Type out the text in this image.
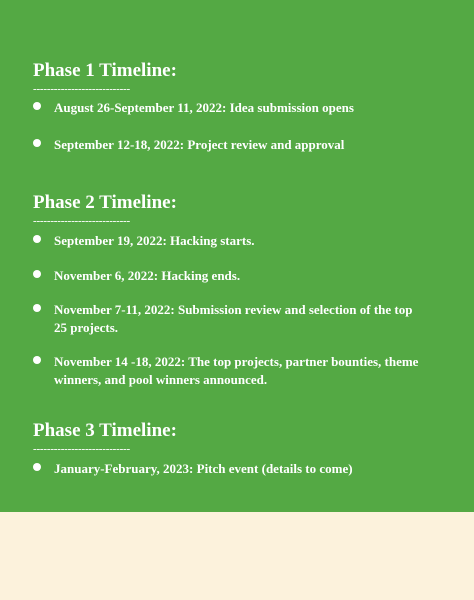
Phase 1 Timeline:
----------------------------

August 26-September 11, 2022: Idea submission opens

September 12-18, 2022: Project review and approval

Phase 2 Timeline:
----------------------------

September 19, 2022: Hacking starts.

November 6, 2022: Hacking ends.

November 7-11, 2022: Submission review and selection of the top 25 projects.

November 14 -18, 2022: The top projects, partner bounties, theme winners, and pool winners announced.

Phase 3 Timeline:
----------------------------

January-February, 2023: Pitch event (details to come)
